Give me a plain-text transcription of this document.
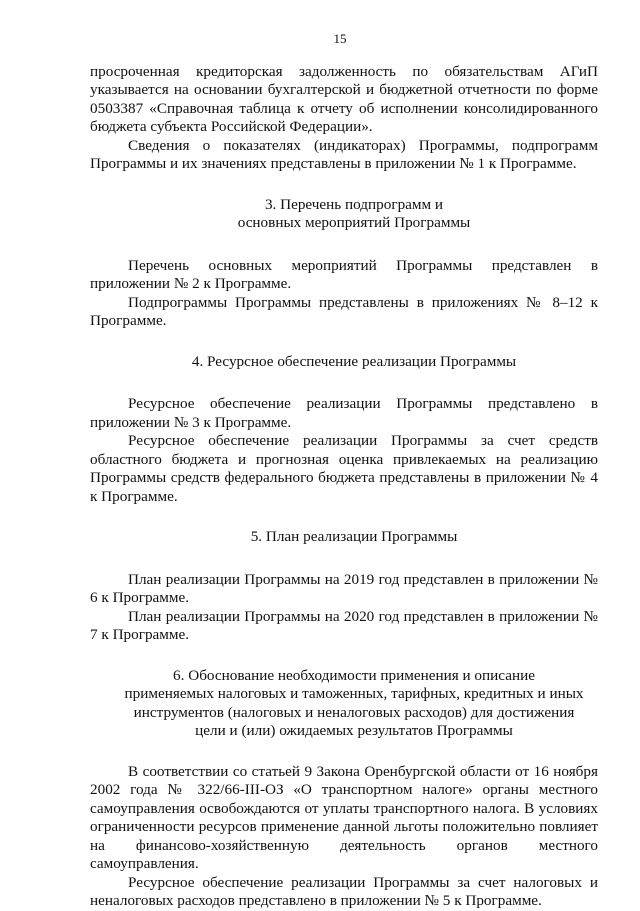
15

просроченная кредиторская задолженность по обязательствам АГиП указывается на основании бухгалтерской и бюджетной отчетности по форме 0503387 «Справочная таблица к отчету об исполнении консолидированного бюджета субъекта Российской Федерации».

Сведения о показателях (индикаторах) Программы, подпрограмм Программы и их значениях представлены в приложении № 1 к Программе.

3. Перечень подпрограмм и
основных мероприятий Программы

Перечень основных мероприятий Программы представлен в приложении № 2 к Программе.

Подпрограммы Программы представлены в приложениях № 8–12 к Программе.

4. Ресурсное обеспечение реализации Программы

Ресурсное обеспечение реализации Программы представлено в приложении № 3 к Программе.

Ресурсное обеспечение реализации Программы за счет средств областного бюджета и прогнозная оценка привлекаемых на реализацию Программы средств федерального бюджета представлены в приложении № 4 к Программе.

5. План реализации Программы

План реализации Программы на 2019 год представлен в приложении № 6 к Программе.

План реализации Программы на 2020 год представлен в приложении № 7 к Программе.

6. Обоснование необходимости применения и описание
применяемых налоговых и таможенных, тарифных, кредитных и иных
инструментов (налоговых и неналоговых расходов) для достижения
цели и (или) ожидаемых результатов Программы

В соответствии со статьей 9 Закона Оренбургской области от 16 ноября 2002 года № 322/66-III-ОЗ «О транспортном налоге» органы местного самоуправления освобождаются от уплаты транспортного налога. В условиях ограниченности ресурсов применение данной льготы положительно повлияет на финансово-хозяйственную деятельность органов местного самоуправления.

Ресурсное обеспечение реализации Программы за счет налоговых и неналоговых расходов представлено в приложении № 5 к Программе.
